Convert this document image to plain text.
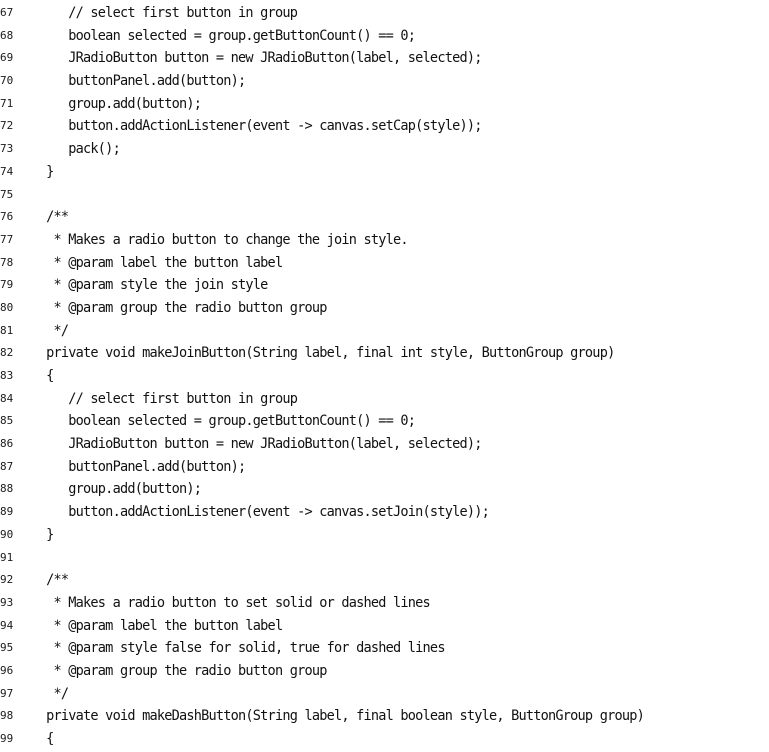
67 // select first button in group
68 boolean selected = group.getButtonCount() == 0;
69 JRadioButton button = new JRadioButton(label, selected);
70 buttonPanel.add(button);
71 group.add(button);
72 button.addActionListener(event -> canvas.setCap(style));
73 pack();
74 }
75
76 /**
77 * Makes a radio button to change the join style.
78 * @param label the button label
79 * @param style the join style
80 * @param group the radio button group
81 */
82 private void makeJoinButton(String label, final int style, ButtonGroup group)
83 {
84 // select first button in group
85 boolean selected = group.getButtonCount() == 0;
86 JRadioButton button = new JRadioButton(label, selected);
87 buttonPanel.add(button);
88 group.add(button);
89 button.addActionListener(event -> canvas.setJoin(style));
90 }
91
92 /**
93 * Makes a radio button to set solid or dashed lines
94 * @param label the button label
95 * @param style false for solid, true for dashed lines
96 * @param group the radio button group
97 */
98 private void makeDashButton(String label, final boolean style, ButtonGroup group)
99 {
